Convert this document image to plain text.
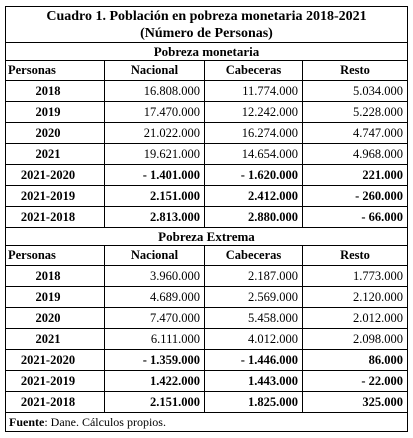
Cuadro 1. Población en pobreza monetaria 2018-2021
(Número de Personas)			

Pobreza monetaria			
Personas	Nacional	Cabeceras	Resto
2018	16.808.000	11.774.000	5.034.000
2019	17.470.000	12.242.000	5.228.000
2020	21.022.000	16.274.000	4.747.000
2021	19.621.000	14.654.000	4.968.000
2021-2020	- 1.401.000	- 1.620.000	221.000
2021-2019	2.151.000	2.412.000	- 260.000
2021-2018	2.813.000	2.880.000	- 66.000
Pobreza Extrema			
Personas	Nacional	Cabeceras	Resto
2018	3.960.000	2.187.000	1.773.000
2019	4.689.000	2.569.000	2.120.000
2020	7.470.000	5.458.000	2.012.000
2021	6.111.000	4.012.000	2.098.000
2021-2020	- 1.359.000	- 1.446.000	86.000
2021-2019	1.422.000	1.443.000	- 22.000
2021-2018	2.151.000	1.825.000	325.000
Fuente: Dane. Cálculos propios.			
